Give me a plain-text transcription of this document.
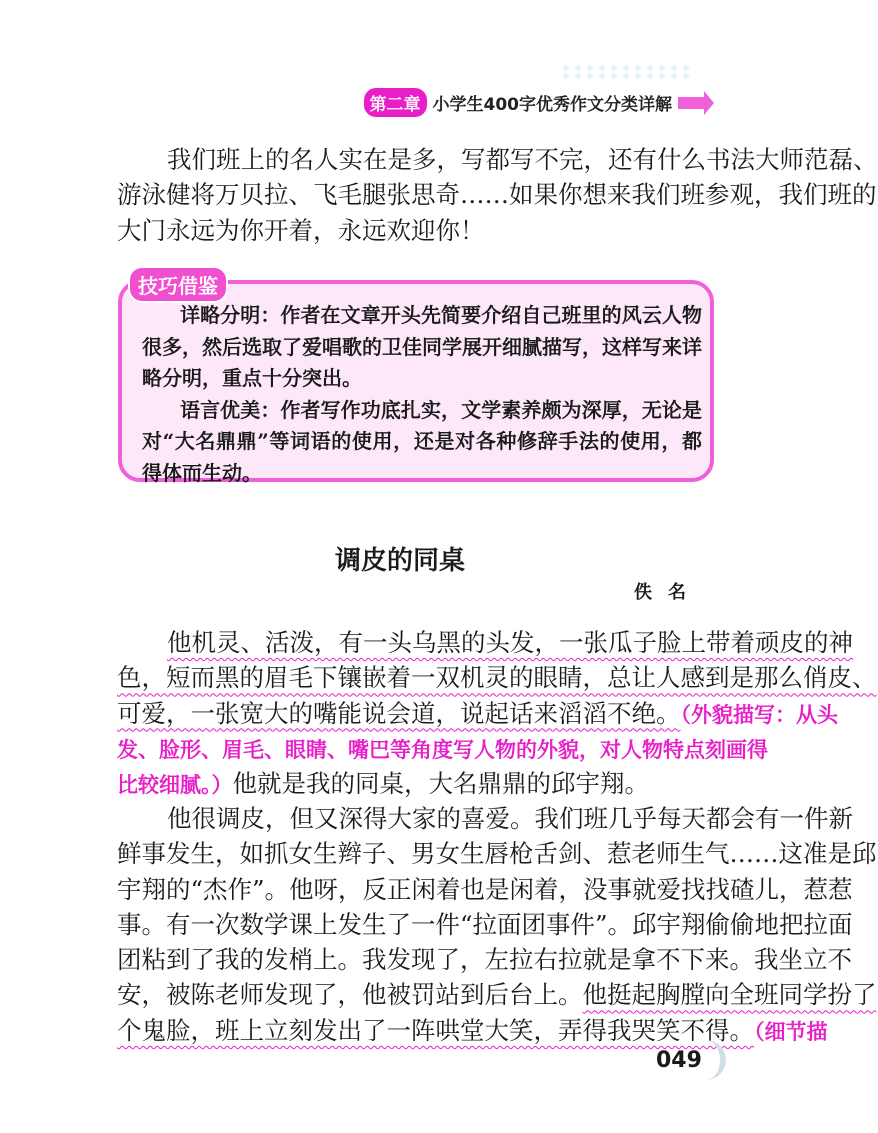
第二章 小学生400字优秀作文分类详解
我们班上的名人实在是多，写都写不完，还有什么书法大师范磊、
游泳健将万贝拉、飞毛腿张思奇……如果你想来我们班参观，我们班的
大门永远为你开着，永远欢迎你！
技巧借鉴
详略分明：作者在文章开头先简要介绍自己班里的风云人物
很多，然后选取了爱唱歌的卫佳同学展开细腻描写，这样写来详
略分明，重点十分突出。
语言优美：作者写作功底扎实，文学素养颇为深厚，无论是
对“大名鼎鼎”等词语的使用，还是对各种修辞手法的使用，都
得体而生动。
调皮的同桌
佚名
他机灵、活泼，有一头乌黑的头发，一张瓜子脸上带着顽皮的神
色，短而黑的眉毛下镶嵌着一双机灵的眼睛，总让人感到是那么俏皮、
可爱，一张宽大的嘴能说会道，说起话来滔滔不绝。（外貌描写：从头
发、脸形、眉毛、眼睛、嘴巴等角度写人物的外貌，对人物特点刻画得
比较细腻。）他就是我的同桌，大名鼎鼎的邱宇翔。
他很调皮，但又深得大家的喜爱。我们班几乎每天都会有一件新
鲜事发生，如抓女生辫子、男女生唇枪舌剑、惹老师生气……这准是邱
宇翔的“杰作”。他呀，反正闲着也是闲着，没事就爱找找碴儿，惹惹
事。有一次数学课上发生了一件“拉面团事件”。邱宇翔偷偷地把拉面
团粘到了我的发梢上。我发现了，左拉右拉就是拿不下来。我坐立不
安，被陈老师发现了，他被罚站到后台上。他挺起胸膛向全班同学扮了
个鬼脸，班上立刻发出了一阵哄堂大笑，弄得我哭笑不得。（细节描
049
